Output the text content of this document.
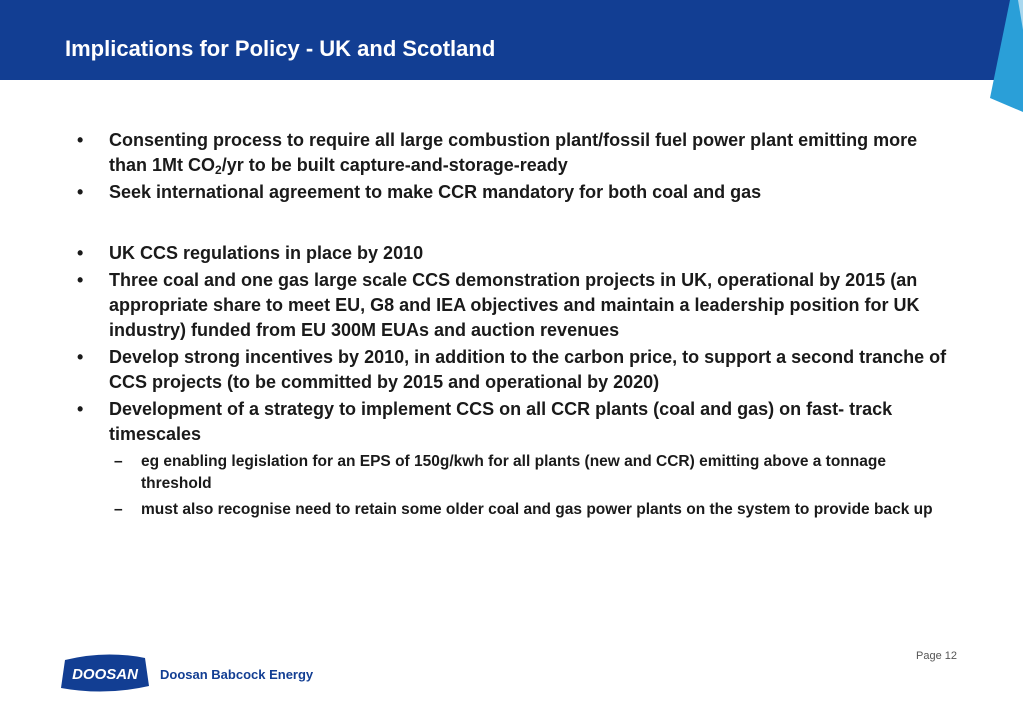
Implications for Policy - UK and Scotland
• Consenting process to require all large combustion plant/fossil fuel power plant emitting more than 1Mt $CO_2/yr$ to be built capture-and-storage-ready
• Seek international agreement to make CCR mandatory for both coal and gas
• UK CCS regulations in place by 2010
• Three coal and one gas large scale CCS demonstration projects in UK, operational by 2015 (an appropriate share to meet EU, G8 and IEA objectives and maintain a leadership position for UK industry) funded from EU 300M EUAs and auction revenues
• Develop strong incentives by 2010, in addition to the carbon price, to support a second tranche of CCS projects (to be committed by 2015 and operational by 2020)
• Development of a strategy to implement CCS on all CCR plants (coal and gas) on fast- track timescales
– eg enabling legislation for an EPS of 150g/kwh for all plants (new and CCR) emitting above a tonnage threshold
– must also recognise need to retain some older coal and gas power plants on the system to provide back up
Page 12
DOOSAN Doosan Babcock Energy
